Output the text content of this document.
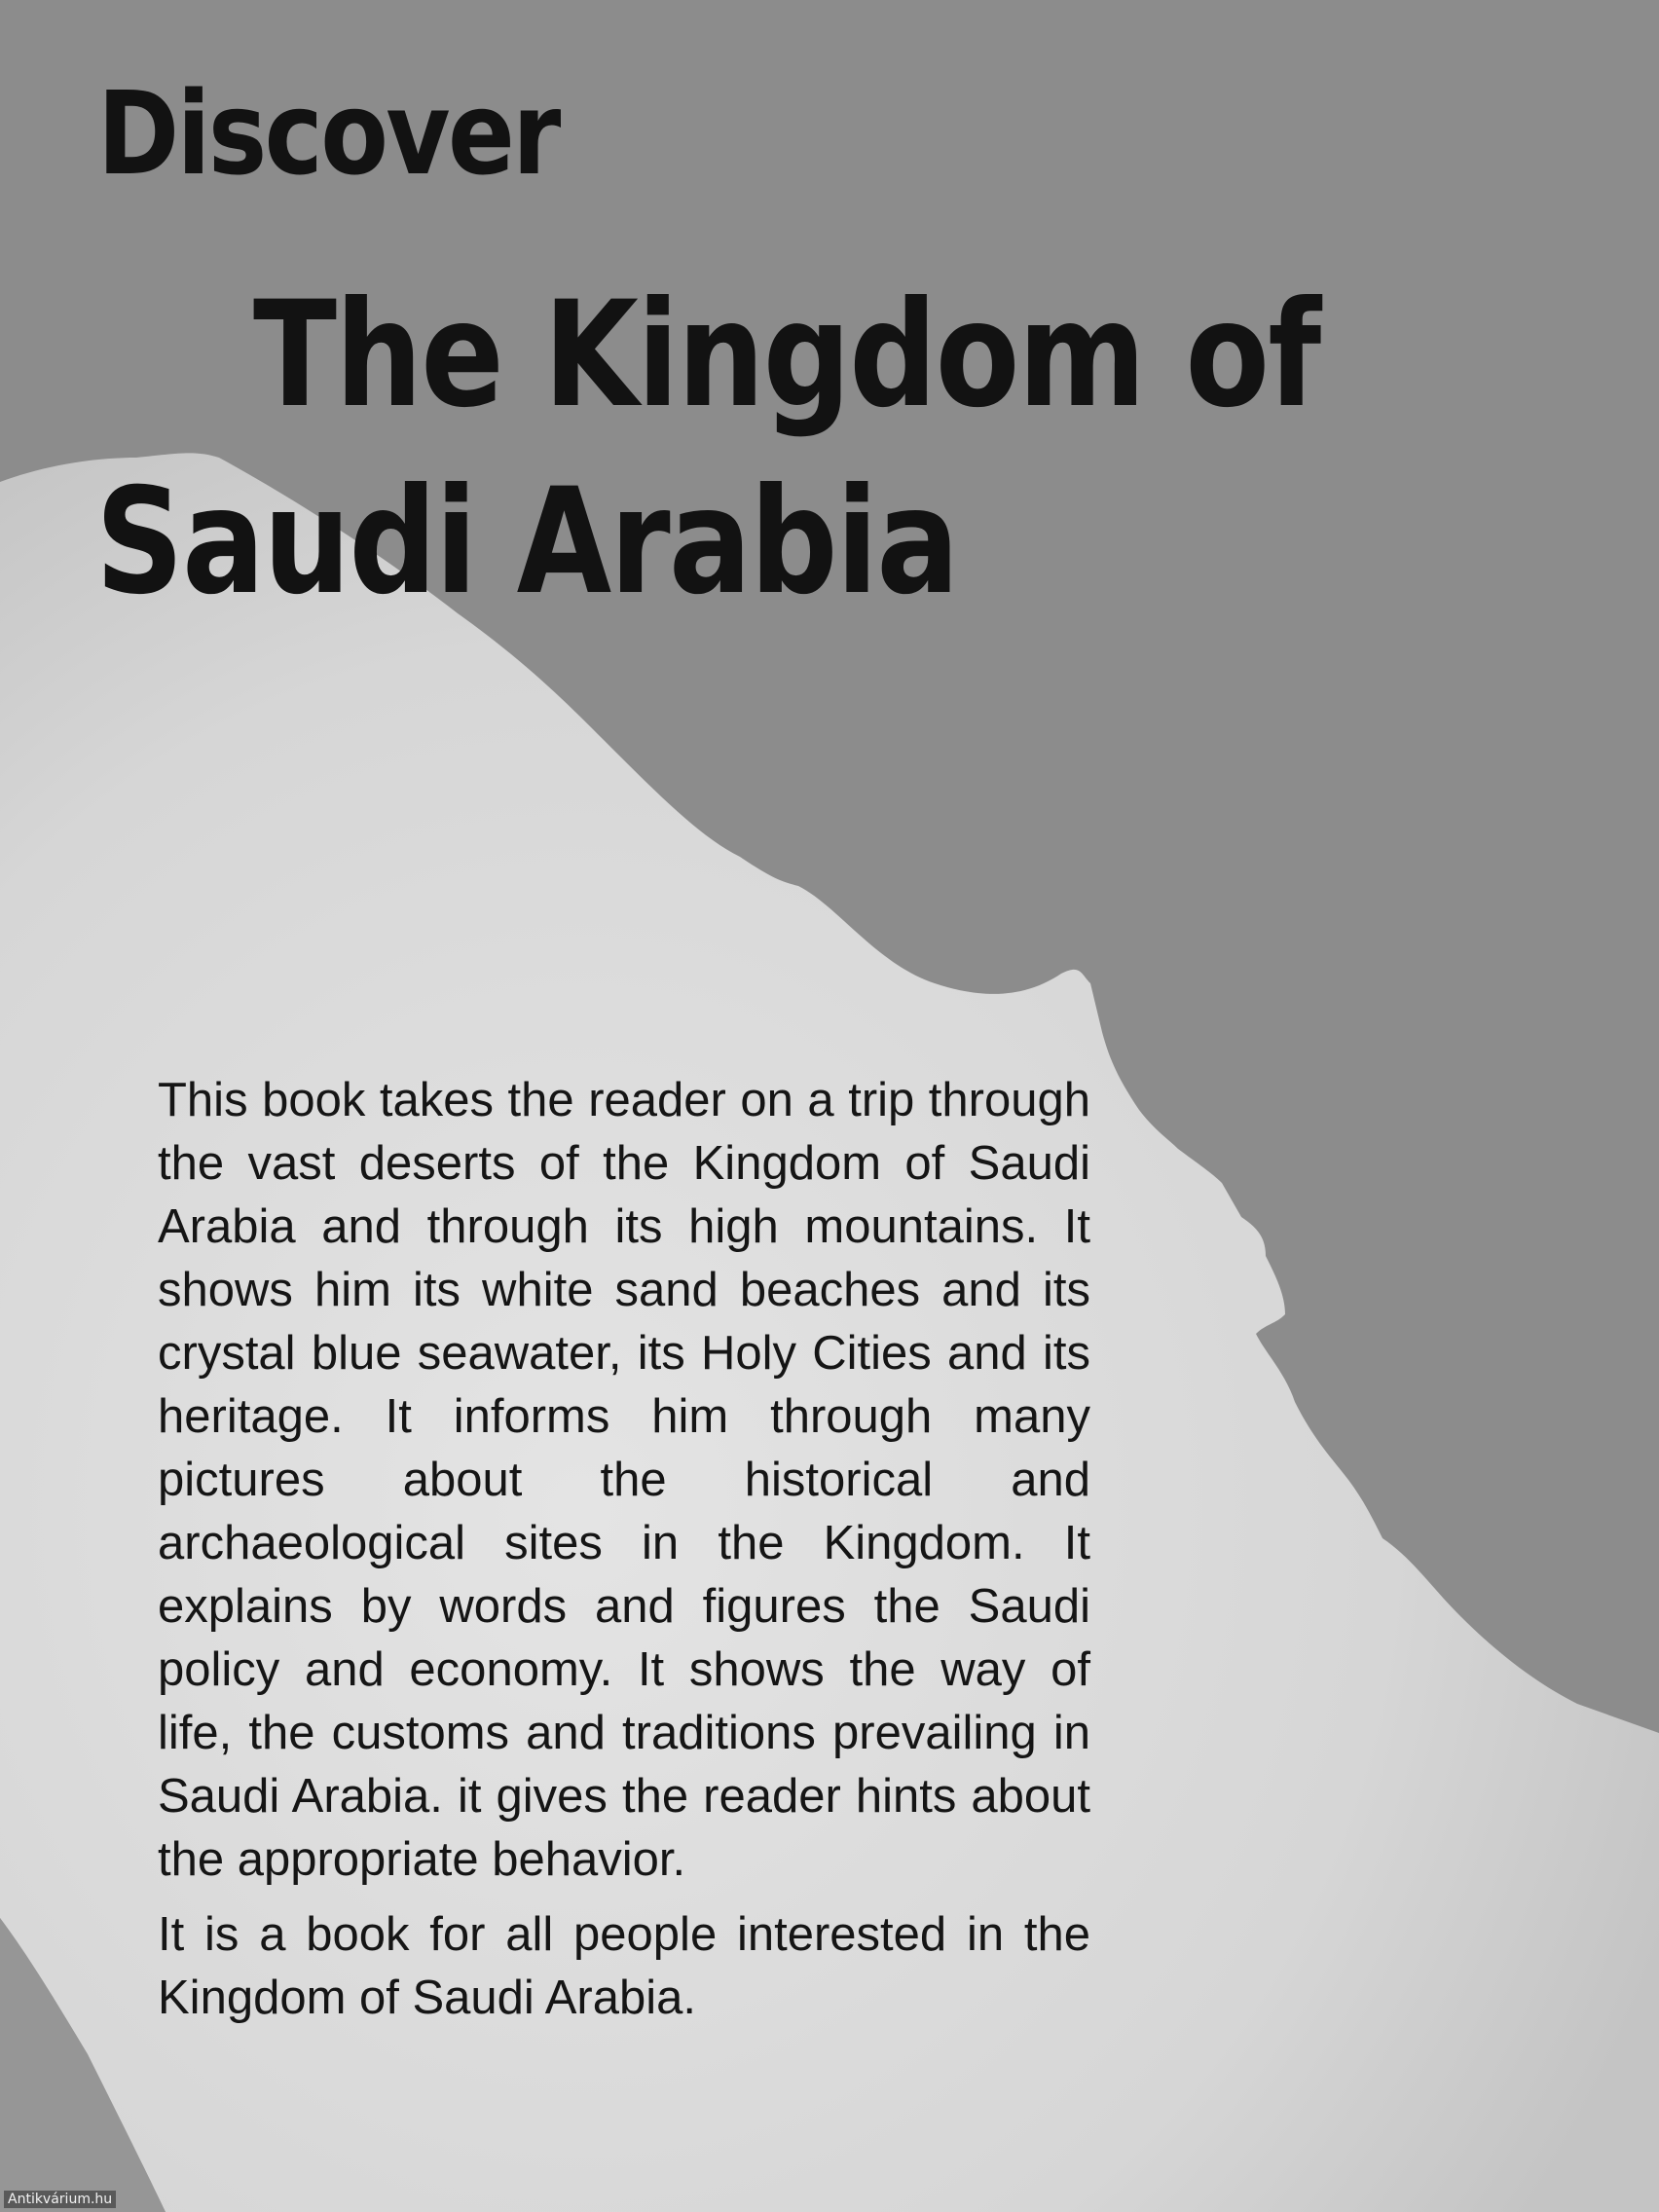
Discover
The Kingdom of
Saudi Arabia

This book takes the reader on a trip through the vast deserts of the Kingdom of Saudi Arabia and through its high mountains. It shows him its white sand beaches and its crystal blue seawater, its Holy Cities and its heritage. It informs him through many pictures about the historical and archaeological sites in the Kingdom. It explains by words and figures the Saudi policy and economy. It shows the way of life, the customs and traditions prevailing in Saudi Arabia. it gives the reader hints about the appropriate behavior.

It is a book for all people interested in the Kingdom of Saudi Arabia.

Antikvárium.hu
